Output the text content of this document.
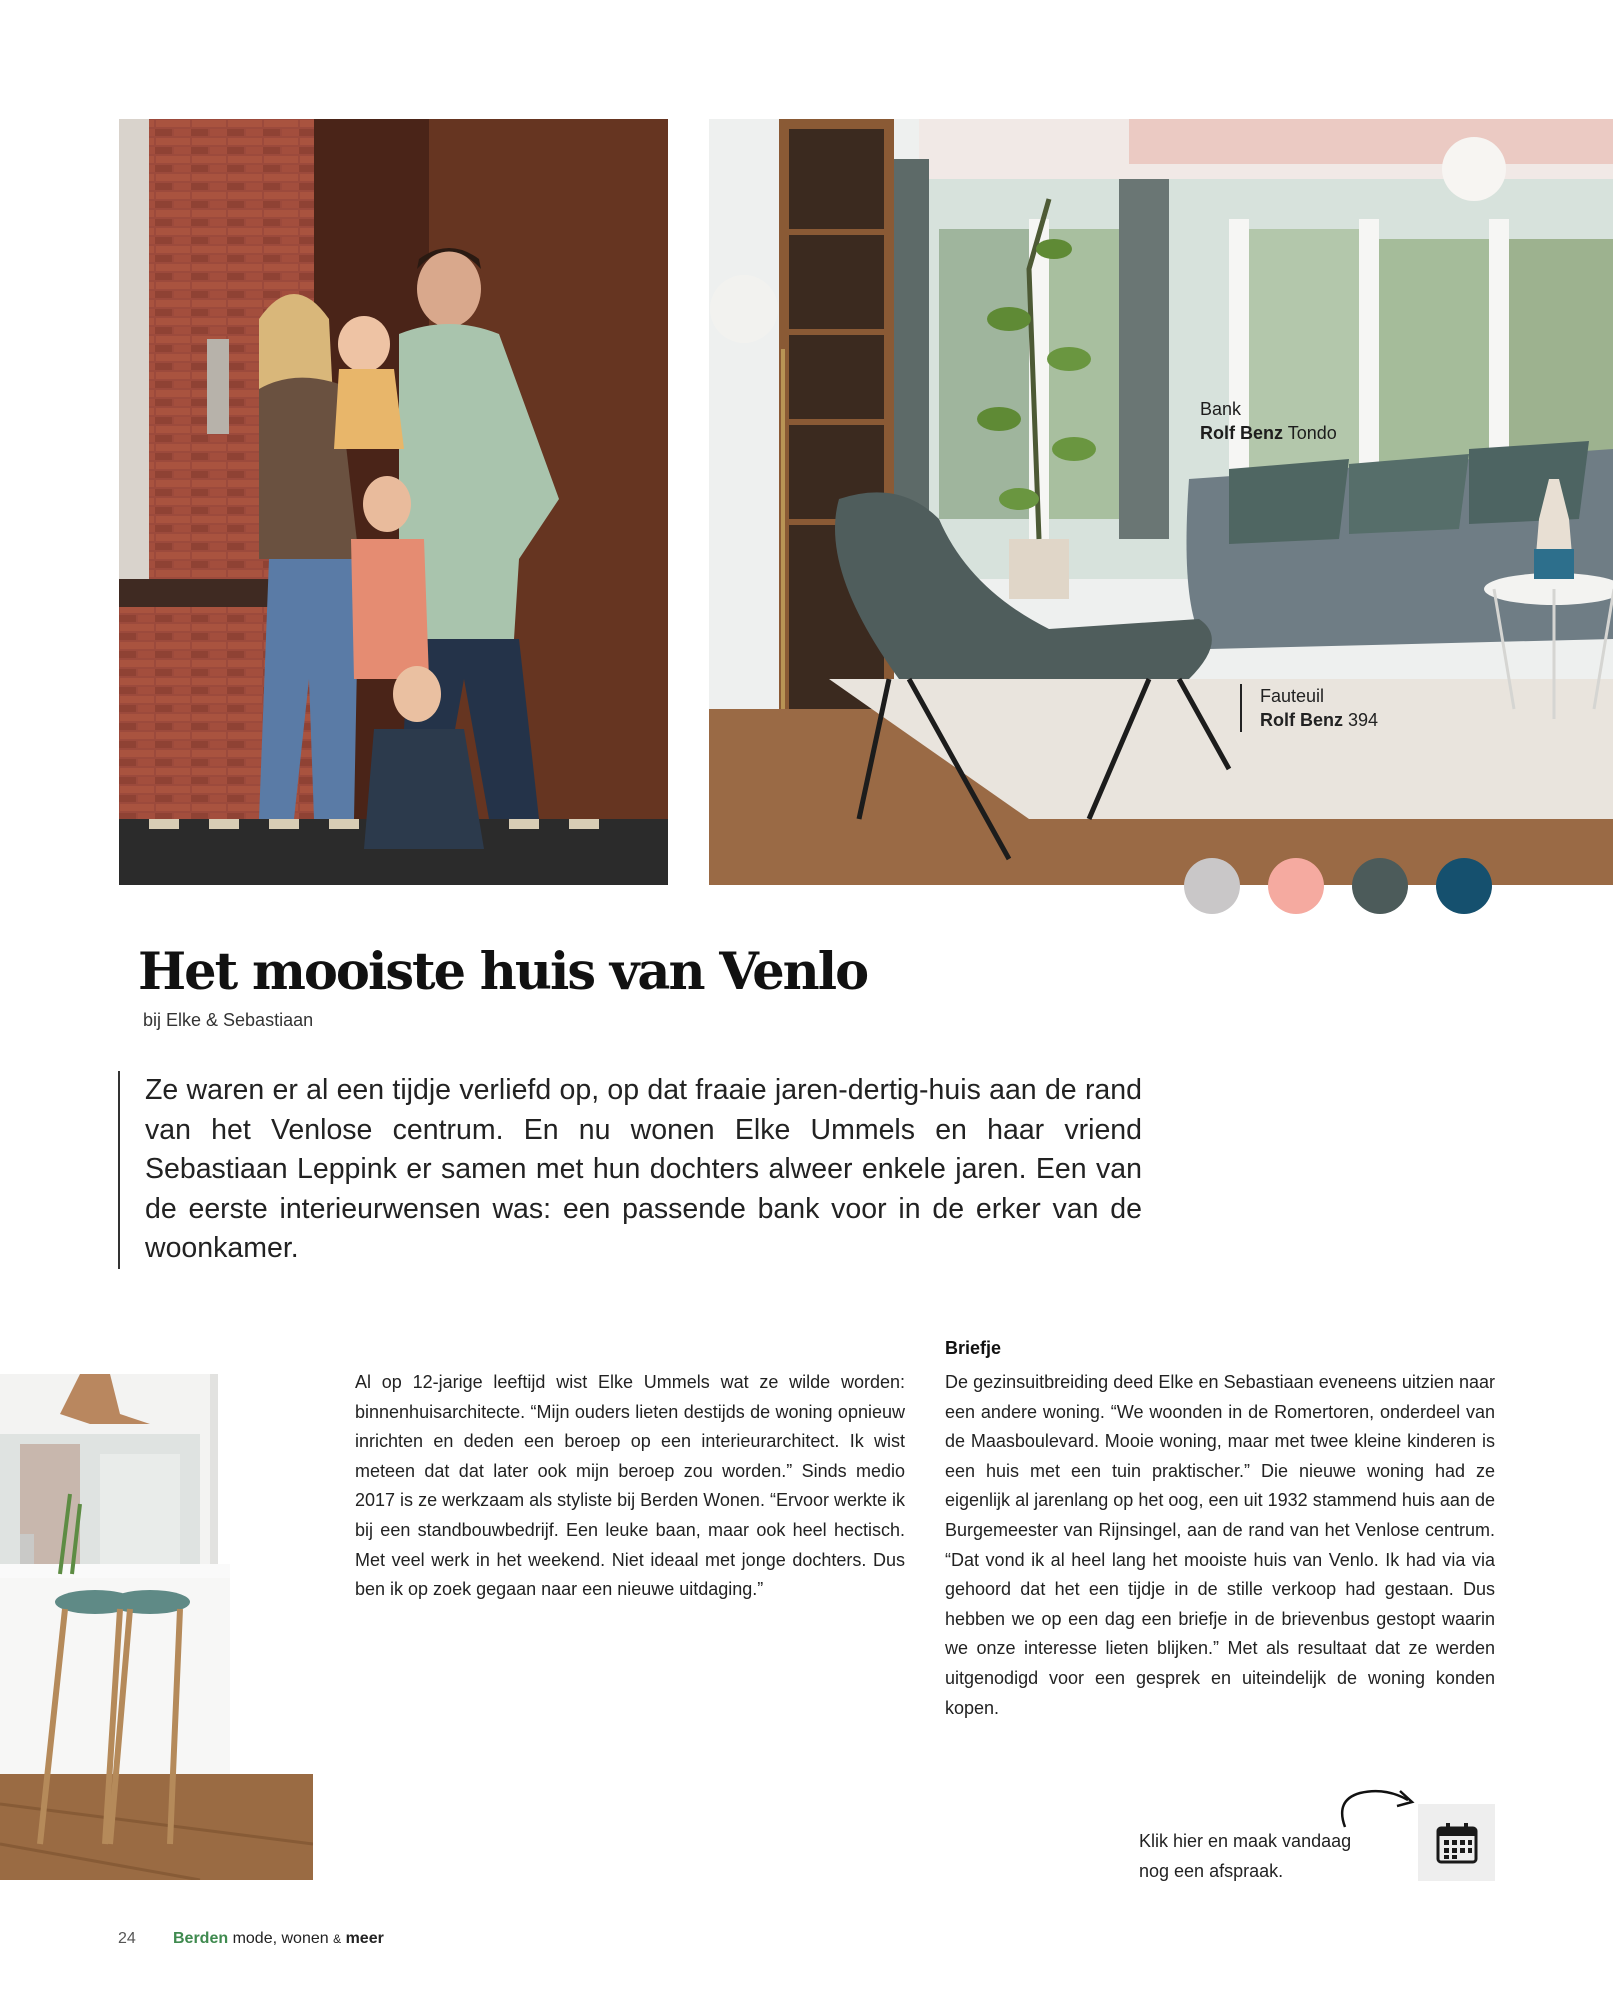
Bank
Rolf Benz Tondo
Fauteuil
Rolf Benz 394
Het mooiste huis van Venlo
bij Elke & Sebastiaan

Ze waren er al een tijdje verliefd op, op dat fraaie jaren-dertig-huis aan de rand van het Venlose centrum. En nu wonen Elke Ummels en haar vriend Sebastiaan Leppink er samen met hun dochters alweer enkele jaren. Een van de eerste interieurwensen was: een passende bank voor in de erker van de woonkamer.

Al op 12-jarige leeftijd wist Elke Ummels wat ze wilde worden: binnenhuisarchitecte. “Mijn ouders lieten destijds de woning opnieuw inrichten en deden een beroep op een interieurarchitect. Ik wist meteen dat dat later ook mijn beroep zou worden.” Sinds medio 2017 is ze werkzaam als styliste bij Berden Wonen. “Ervoor werkte ik bij een standbouwbedrijf. Een leuke baan, maar ook heel hectisch. Met veel werk in het weekend. Niet ideaal met jonge dochters. Dus ben ik op zoek gegaan naar een nieuwe uitdaging.”

Briefje

De gezinsuitbreiding deed Elke en Sebastiaan eveneens uitzien naar een andere woning. “We woonden in de Romertoren, onderdeel van de Maasboulevard. Mooie woning, maar met twee kleine kinderen is een huis met een tuin praktischer.” Die nieuwe woning had ze eigenlijk al jarenlang op het oog, een uit 1932 stammend huis aan de Burgemeester van Rijnsingel, aan de rand van het Venlose centrum. “Dat vond ik al heel lang het mooiste huis van Venlo. Ik had via via gehoord dat het een tijdje in de stille verkoop had gestaan. Dus hebben we op een dag een briefje in de brievenbus gestopt waarin we onze interesse lieten blijken.” Met als resultaat dat ze werden uitgenodigd voor een gesprek en uiteindelijk de woning konden kopen.

Klik hier en maak vandaag
nog een afspraak.
24 Berden mode, wonen & meer
